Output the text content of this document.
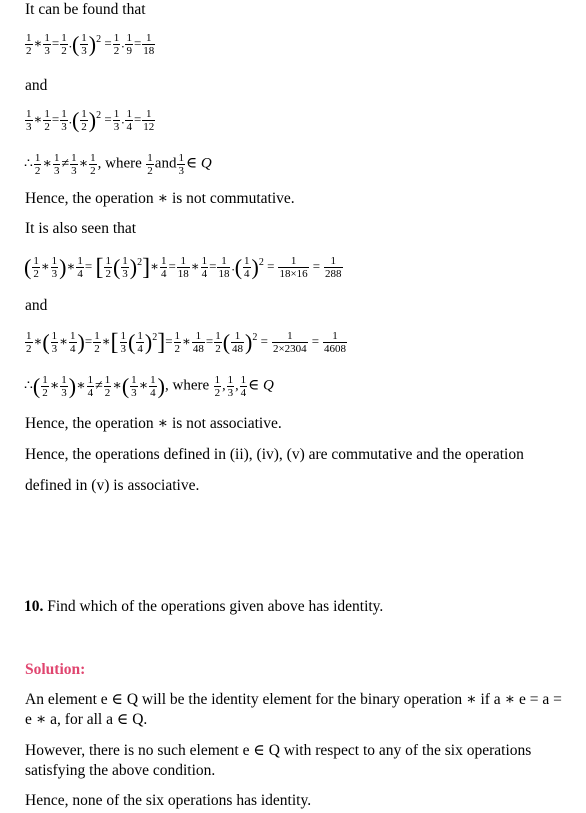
It can be found that
$\frac{1}{2}$ ∗ $\frac{1}{3} = \frac{1}{2}$ .( $\frac{1}{3} )^2 = \frac{1}{2}$ . $\frac{1}{9} = \frac{1}{18}$
and
$\frac{1}{3}$ ∗ $\frac{1}{2} = \frac{1}{3}$ .( $\frac{1}{2} )^2 = \frac{1}{3}$ . $\frac{1}{4} = \frac{1}{12}$
∴ $\frac{1}{2}$ ∗ $\frac{1}{3} \ne \frac{1}{3}$ ∗ $\frac{1}{2}$ , where $\frac{1}{2}$ and $\frac{1}{3}$ ∈ Q
Hence, the operation ∗ is not commutative.
It is also seen that
( $\frac{1}{2}$ ∗ $\frac{1}{3}$ )∗ $\frac{1}{4}$ = [ $\frac{1}{2}$ ( $\frac{1}{3}$ )$^2$]∗ $\frac{1}{4} = \frac{1}{18}$ ∗ $\frac{1}{4} = \frac{1}{18}$ .( $\frac{1}{4} )^2 = \frac{1}{18\times 16} = \frac{1}{288}$
and
$\frac{1}{2}$ ∗( $\frac{1}{3}$ ∗ $\frac{1}{4}$ )= $\frac{1}{2}$ ∗[ $\frac{1}{3}$ ( $\frac{1}{4} )^2]= \frac{1}{2}$ ∗ $\frac{1}{48} = \frac{1}{2}$ ( $\frac{1}{48} )^2 = \frac{1}{2\times 2304} = \frac{1}{4608}$
∴( $\frac{1}{2}$ ∗ $\frac{1}{3}$ )∗ $\frac{1}{4} \ne \frac{1}{2}$ ∗( $\frac{1}{3}$ ∗ $\frac{1}{4}$ ), where $\frac{1}{2}$ , $\frac{1}{3}$ , $\frac{1}{4}$ ∈ Q
Hence, the operation ∗ is not associative.
Hence, the operations defined in (ii), (iv), (v) are commutative and the operation
defined in (v) is associative.
10. Find which of the operations given above has identity.
Solution:
An element e ∈ Q will be the identity element for the binary operation ∗ if a ∗ e = a =
e ∗ a, for all a ∈ Q.
However, there is no such element e ∈ Q with respect to any of the six operations
satisfying the above condition.
Hence, none of the six operations has identity.
